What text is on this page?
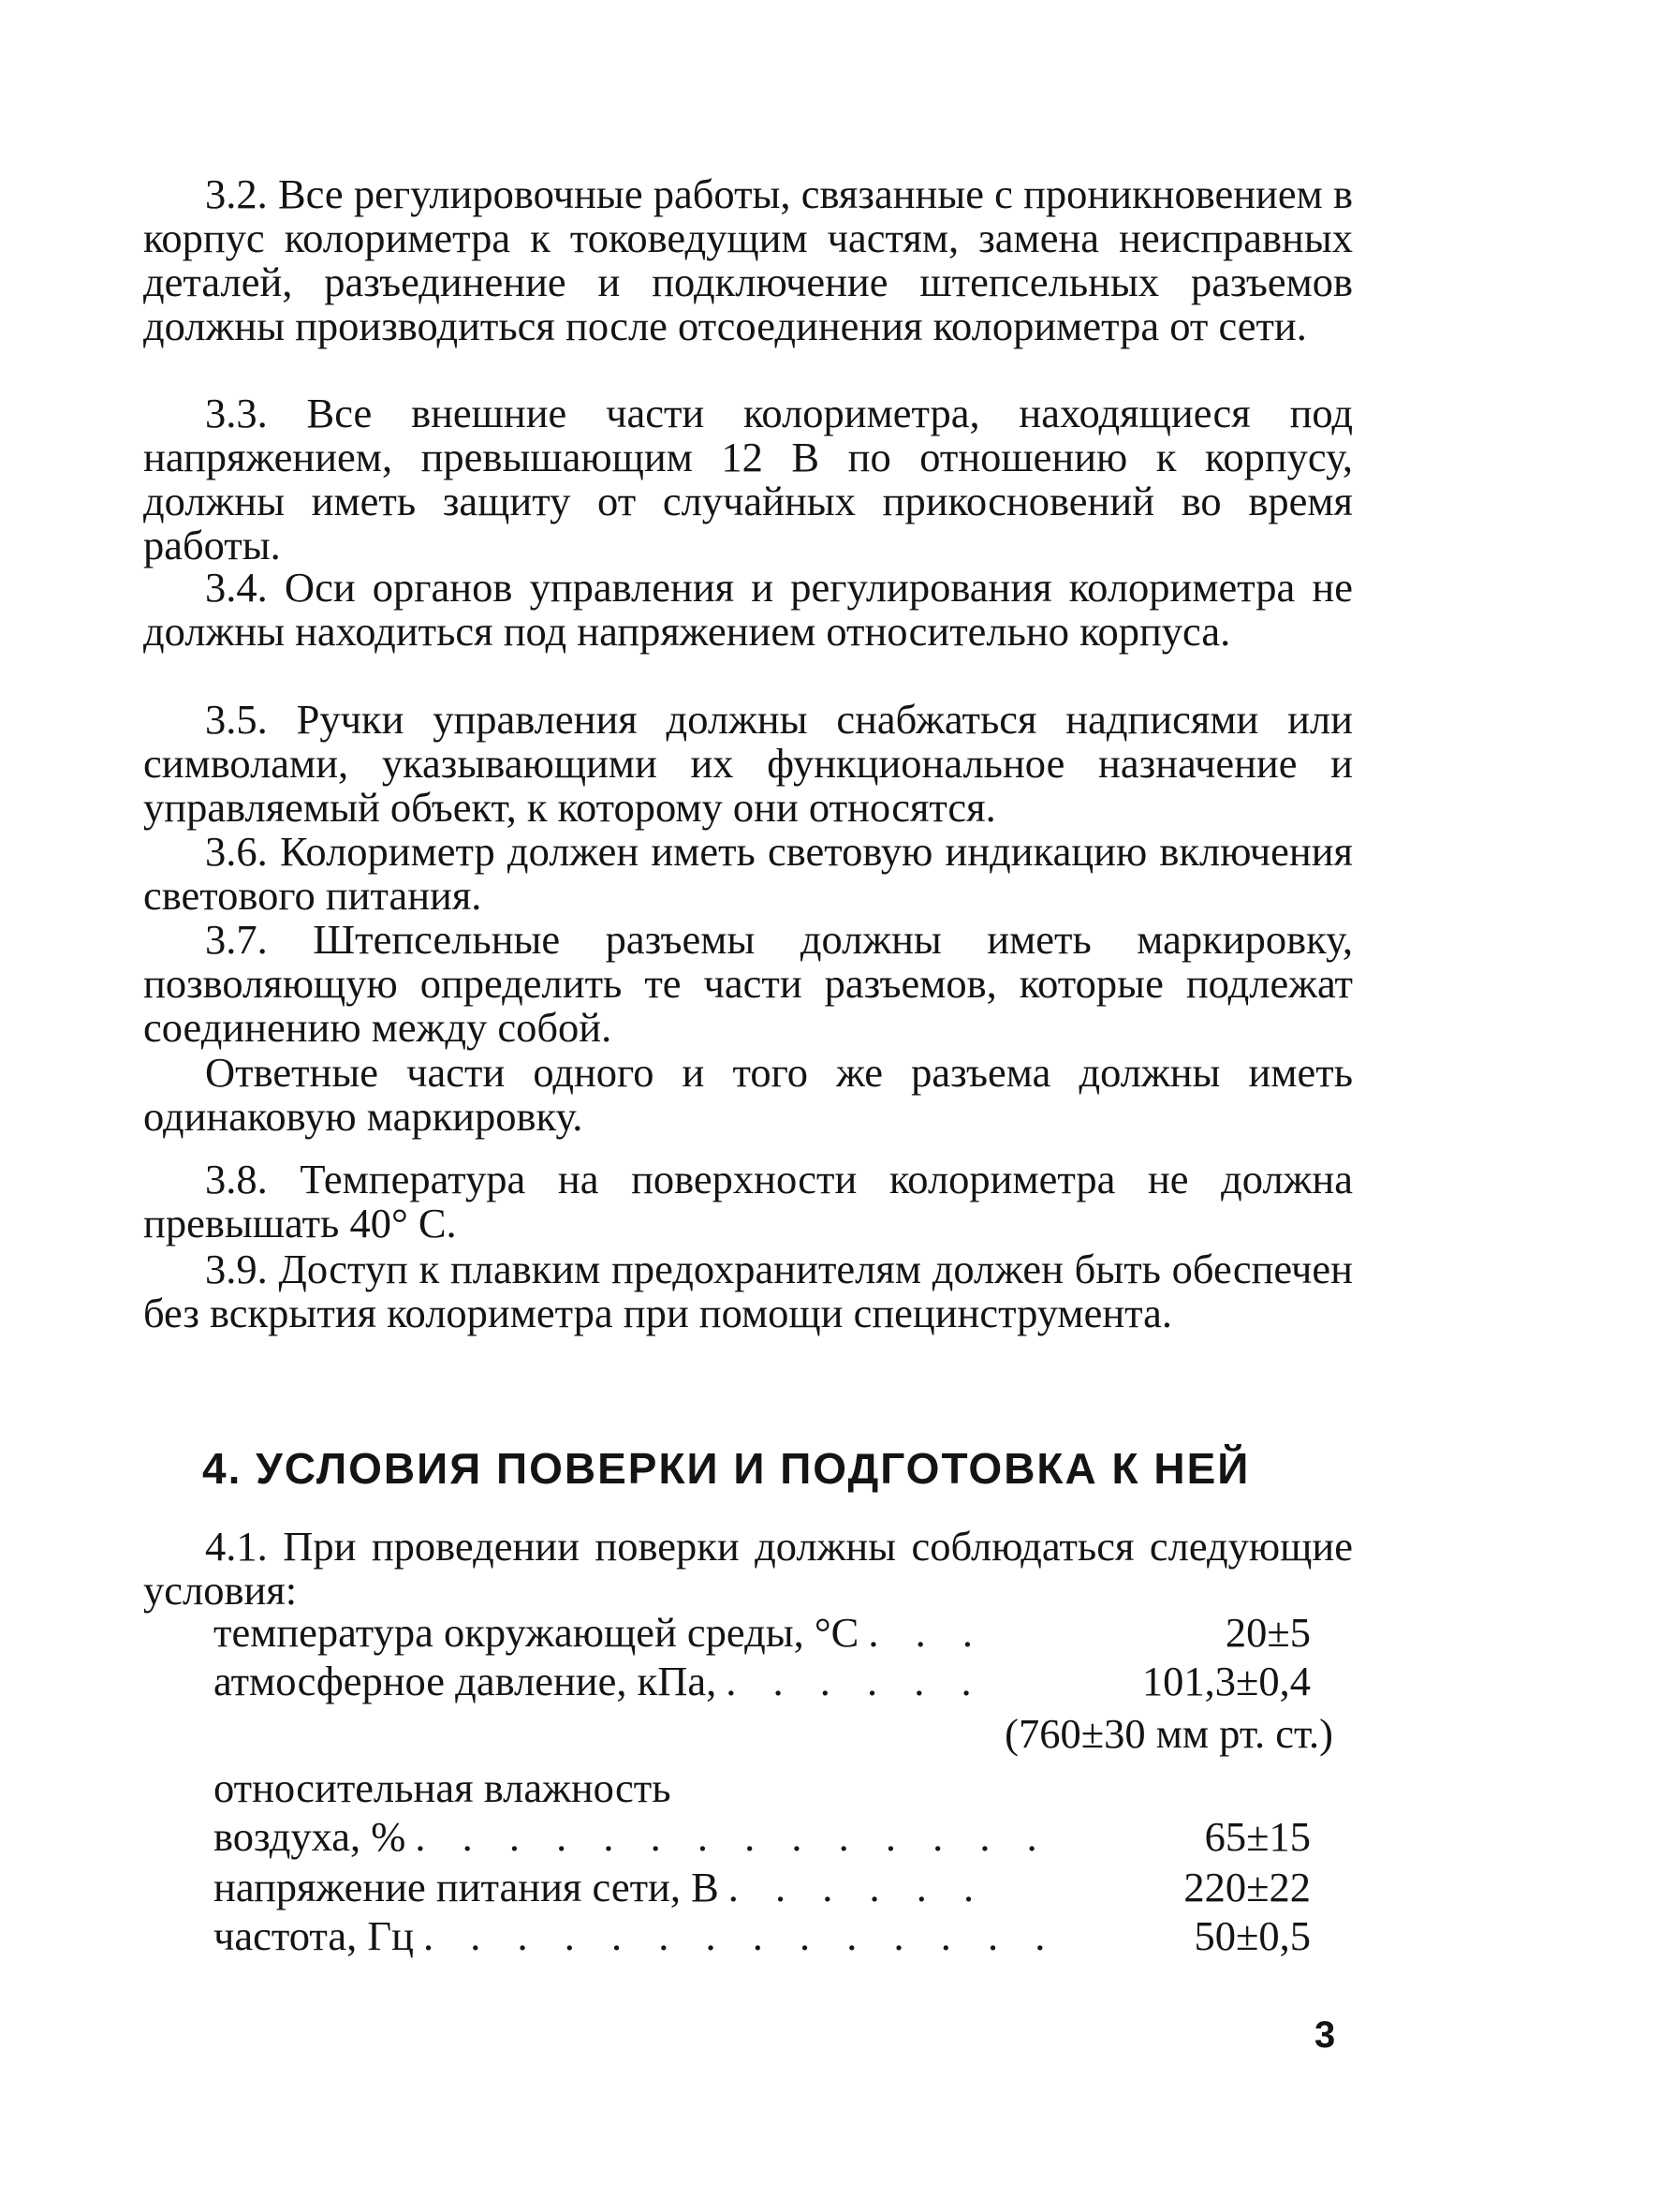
3.2. Все регулировочные работы, связанные с проникновением в корпус колориметра к токоведущим частям, замена неисправных деталей, разъединение и подключение штепсельных разъемов должны производиться после отсоединения колориметра от сети.

3.3. Все внешние части колориметра, находящиеся под напряжением, превышающим 12 В по отношению к корпусу, должны иметь защиту от случайных прикосновений во время работы.

3.4. Оси органов управления и регулирования колориметра не должны находиться под напряжением относительно корпуса.

3.5. Ручки управления должны снабжаться надписями или символами, указывающими их функциональное назначение и управляемый объект, к которому они относятся.

3.6. Колориметр должен иметь световую индикацию включения светового питания.

3.7. Штепсельные разъемы должны иметь маркировку, позволяющую определить те части разъемов, которые подлежат соединению между собой.

Ответные части одного и того же разъема должны иметь одинаковую маркировку.

3.8. Температура на поверхности колориметра не должна превышать 40° С.

3.9. Доступ к плавким предохранителям должен быть обеспечен без вскрытия колориметра при помощи специнструмента.

4. УСЛОВИЯ ПОВЕРКИ И ПОДГОТОВКА К НЕЙ

4.1. При проведении поверки должны соблюдаться следующие условия:

температура окружающей среды, °С . . .	20±5
атмосферное давление, кПа, . . . . . .	101,3±0,4
(760±30 мм рт. ст.)
относительная влажность
воздуха, % . . . . . . . . . . . . . .	65±15
напряжение питания сети, В . . . . . .	220±22
частота, Гц . . . . . . . . . . . . . .	50±0,5
3
